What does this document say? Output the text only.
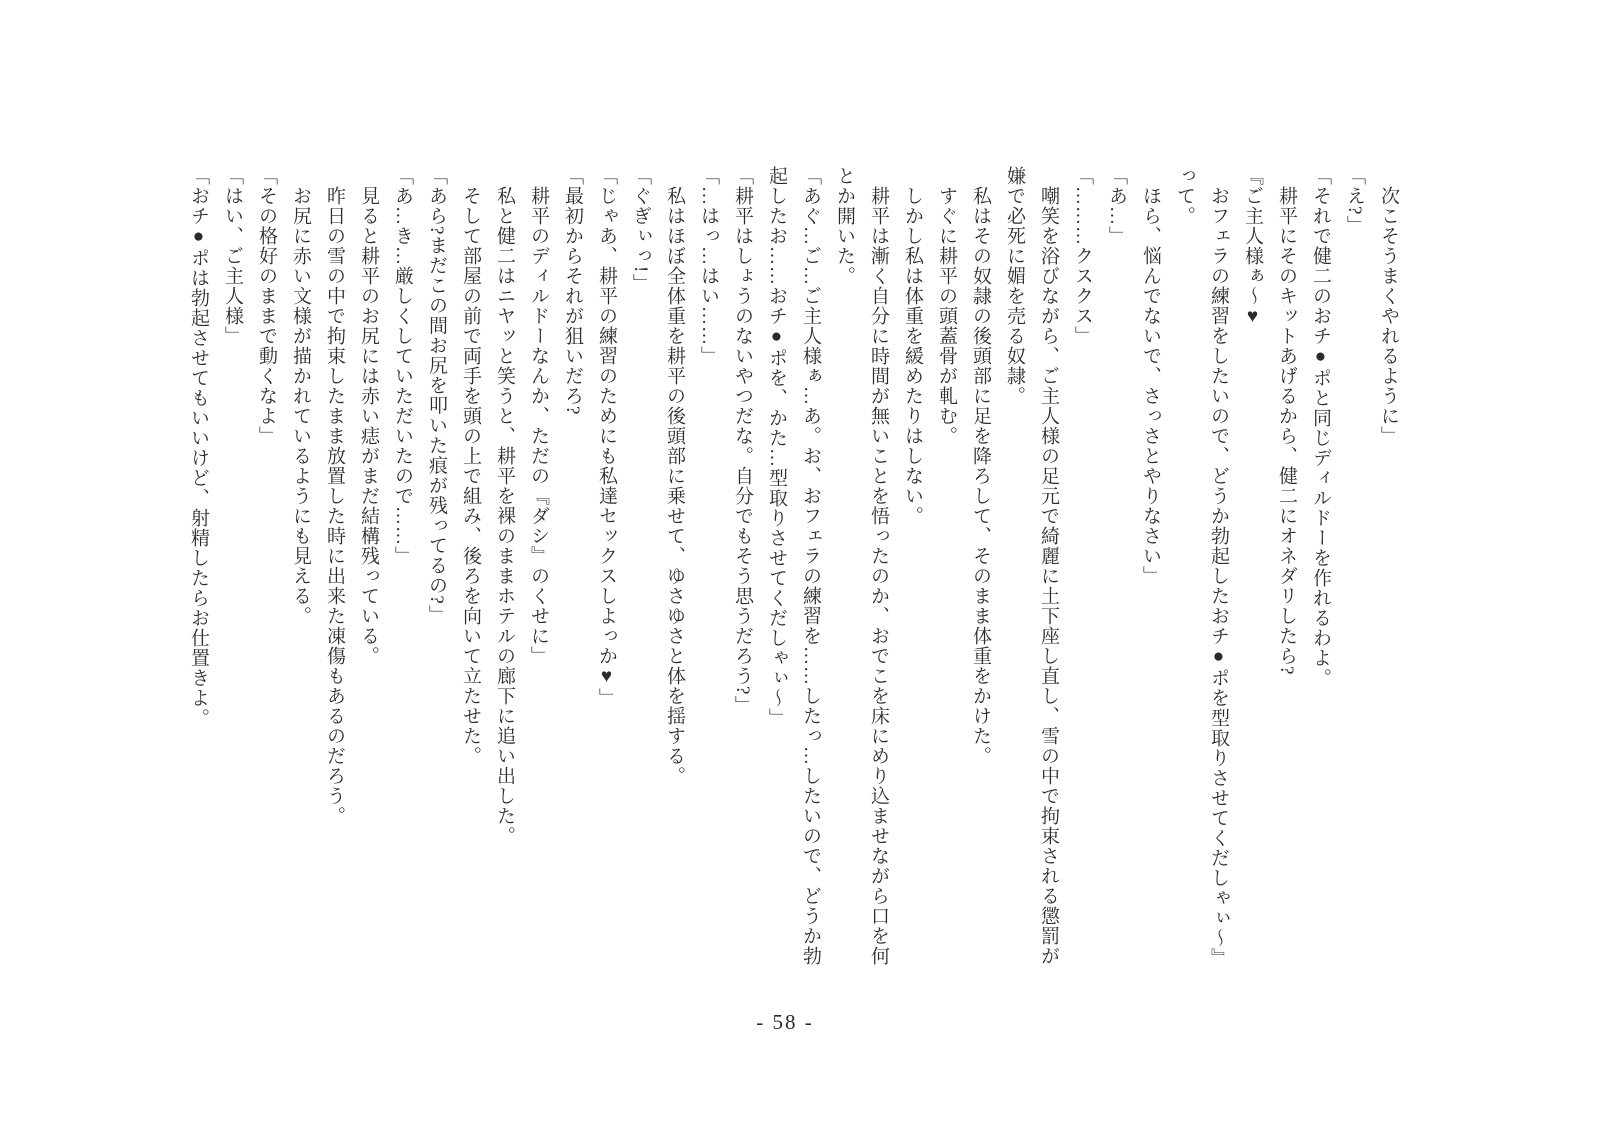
次こそうまくやれるように」

「え?」

「それで健二のおチ●ポと同じディルドーを作れるわよ。

耕平にそのキットあげるから、健二にオネダリしたら?

『ご主人様ぁ〜♥

おフェラの練習をしたいので、どうか勃起したおチ●ポを型取りさせてくだしゃぃ〜』

って。

ほら、悩んでないで、さっさとやりなさい」

「あ…」

「………クスクス」

嘲笑を浴びながら、ご主人様の足元で綺麗に土下座し直し、雪の中で拘束される懲罰が

嫌で必死に媚を売る奴隷。

私はその奴隷の後頭部に足を降ろして、そのまま体重をかけた。

すぐに耕平の頭蓋骨が軋む。

しかし私は体重を緩めたりはしない。

耕平は漸く自分に時間が無いことを悟ったのか、おでこを床にめり込ませながら口を何

とか開いた。

「あぐ…ご…ご主人様ぁ…あ。お、おフェラの練習を……したっ…したいので、どうか勃

起したお……おチ●ポを、かた…型取りさせてくだしゃぃ〜」

「耕平はしょうのないやつだな。自分でもそう思うだろう?」

「…はっ…はい……」

私はほぼ全体重を耕平の後頭部に乗せて、ゆさゆさと体を揺する。

「ぐぎぃっ!」

「じゃあ、耕平の練習のためにも私達セックスしよっか♥」

「最初からそれが狙いだろ?

耕平のディルドーなんか、ただの『ダシ』のくせに」

私と健二はニヤッと笑うと、耕平を裸のままホテルの廊下に追い出した。

そして部屋の前で両手を頭の上で組み、後ろを向いて立たせた。

「あら?まだこの間お尻を叩いた痕が残ってるの?」

「あ…き…厳しくしていただいたので……」

見ると耕平のお尻には赤い痣がまだ結構残っている。

昨日の雪の中で拘束したまま放置した時に出来た凍傷もあるのだろう。

お尻に赤い文様が描かれているようにも見える。

「その格好のままで動くなよ」

「はい、ご主人様」

「おチ●ポは勃起させてもいいけど、射精したらお仕置きよ。

- 58 -
